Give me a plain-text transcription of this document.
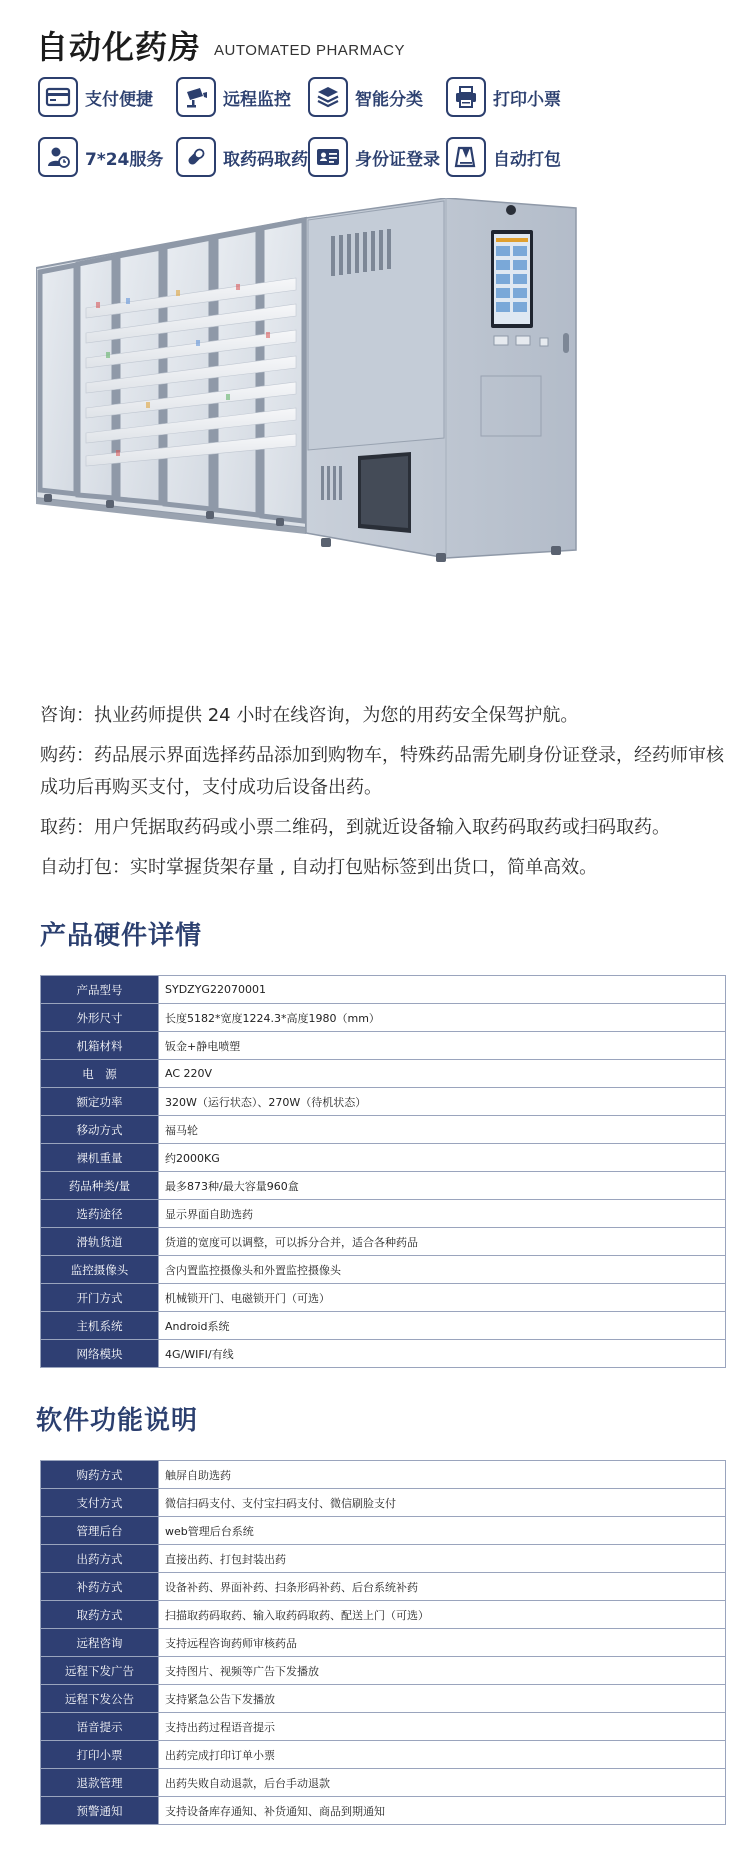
自动化药房 AUTOMATED PHARMACY
支付便捷	远程监控	智能分类	打印小票
7*24服务	取药码取药	身份证登录	自动打包

咨询：执业药师提供 24 小时在线咨询，为您的用药安全保驾护航。

购药：药品展示界面选择药品添加到购物车，特殊药品需先刷身份证登录，经药师审核成功后再购买支付，支付成功后设备出药。

取药：用户凭据取药码或小票二维码，到就近设备输入取药码取药或扫码取药。

自动打包：实时掌握货架存量 , 自动打包贴标签到出货口，简单高效。

产品硬件详情
产品型号	SYDZYG22070001
外形尺寸	长度5182*宽度1224.3*高度1980（mm）
机箱材料	钣金+静电喷塑
电　源	AC 220V
额定功率	320W（运行状态）、270W（待机状态）
移动方式	福马轮
裸机重量	约2000KG
药品种类/量	最多873种/最大容量960盒
选药途径	显示界面自助选药
滑轨货道	货道的宽度可以调整，可以拆分合并，适合各种药品
监控摄像头	含内置监控摄像头和外置监控摄像头
开门方式	机械锁开门、电磁锁开门（可选）
主机系统	Android系统
网络模块	4G/WIFI/有线
软件功能说明
购药方式	触屏自助选药
支付方式	微信扫码支付、支付宝扫码支付、微信刷脸支付
管理后台	web管理后台系统
出药方式	直接出药、打包封装出药
补药方式	设备补药、界面补药、扫条形码补药、后台系统补药
取药方式	扫描取药码取药、输入取药码取药、配送上门（可选）
远程咨询	支持远程咨询药师审核药品
远程下发广告	支持图片、视频等广告下发播放
远程下发公告	支持紧急公告下发播放
语音提示	支持出药过程语音提示
打印小票	出药完成打印订单小票
退款管理	出药失败自动退款，后台手动退款
预警通知	支持设备库存通知、补货通知、商品到期通知
